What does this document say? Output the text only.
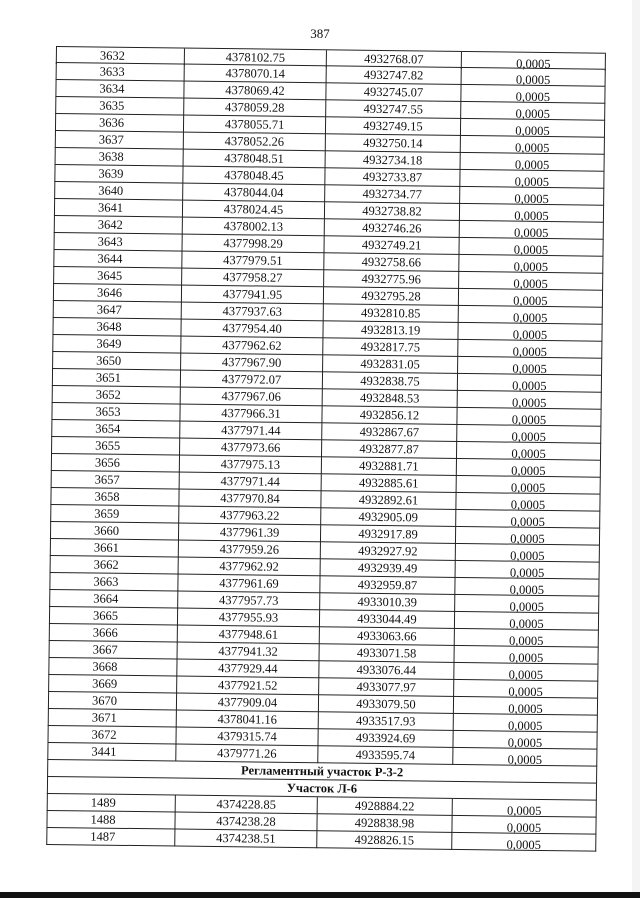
387
3632	4378102.75	4932768.07	0,0005
3633	4378070.14	4932747.82	0,0005
3634	4378069.42	4932745.07	0,0005
3635	4378059.28	4932747.55	0,0005
3636	4378055.71	4932749.15	0,0005
3637	4378052.26	4932750.14	0,0005
3638	4378048.51	4932734.18	0,0005
3639	4378048.45	4932733.87	0,0005
3640	4378044.04	4932734.77	0,0005
3641	4378024.45	4932738.82	0,0005
3642	4378002.13	4932746.26	0,0005
3643	4377998.29	4932749.21	0,0005
3644	4377979.51	4932758.66	0,0005
3645	4377958.27	4932775.96	0,0005
3646	4377941.95	4932795.28	0,0005
3647	4377937.63	4932810.85	0,0005
3648	4377954.40	4932813.19	0,0005
3649	4377962.62	4932817.75	0,0005
3650	4377967.90	4932831.05	0,0005
3651	4377972.07	4932838.75	0,0005
3652	4377967.06	4932848.53	0,0005
3653	4377966.31	4932856.12	0,0005
3654	4377971.44	4932867.67	0,0005
3655	4377973.66	4932877.87	0,0005
3656	4377975.13	4932881.71	0,0005
3657	4377971.44	4932885.61	0,0005
3658	4377970.84	4932892.61	0,0005
3659	4377963.22	4932905.09	0,0005
3660	4377961.39	4932917.89	0,0005
3661	4377959.26	4932927.92	0,0005
3662	4377962.92	4932939.49	0,0005
3663	4377961.69	4932959.87	0,0005
3664	4377957.73	4933010.39	0,0005
3665	4377955.93	4933044.49	0,0005
3666	4377948.61	4933063.66	0,0005
3667	4377941.32	4933071.58	0,0005
3668	4377929.44	4933076.44	0,0005
3669	4377921.52	4933077.97	0,0005
3670	4377909.04	4933079.50	0,0005
3671	4378041.16	4933517.93	0,0005
3672	4379315.74	4933924.69	0,0005
3441	4379771.26	4933595.74	0,0005
Регламентный участок Р-3-2
Участок Л-6
1489	4374228.85	4928884.22	0,0005
1488	4374238.28	4928838.98	0,0005
1487	4374238.51	4928826.15	0,0005
